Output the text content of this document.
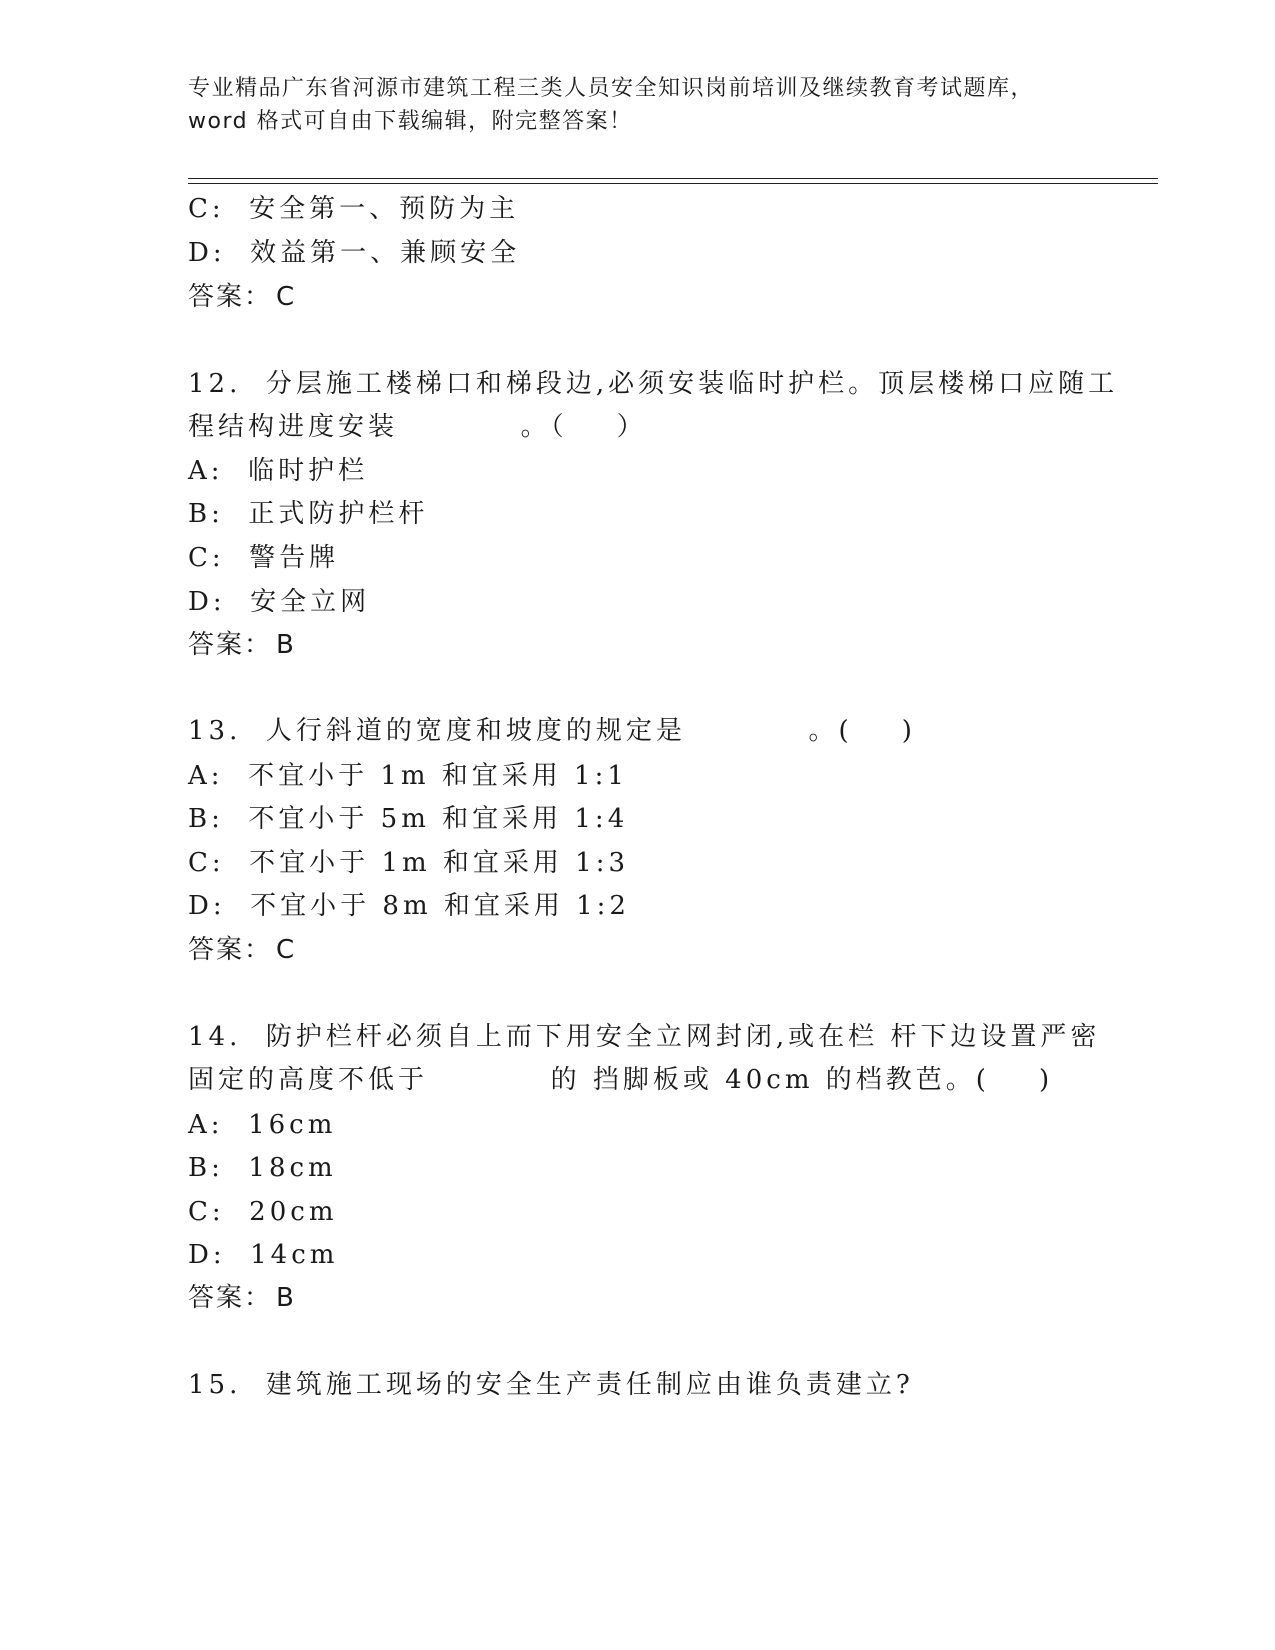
专业精品广东省河源市建筑工程三类人员安全知识岗前培训及继续教育考试题库，
word 格式可自由下载编辑，附完整答案！
C:  安全第一、预防为主
D:  效益第一、兼顾安全
答案： C
12.  分层施工楼梯口和梯段边,必须安装临时护栏。顶层楼梯口应随工
程结构进度安装          。（    ）
A:  临时护栏
B:  正式防护栏杆
C:  警告牌
D:  安全立网
答案： B
13.  人行斜道的宽度和坡度的规定是          。(    )
A:  不宜小于 1m 和宜采用 1:1
B:  不宜小于 5m 和宜采用 1:4
C:  不宜小于 1m 和宜采用 1:3
D:  不宜小于 8m 和宜采用 1:2
答案： C
14.  防护栏杆必须自上而下用安全立网封闭,或在栏 杆下边设置严密
固定的高度不低于          的 挡脚板或 40cm 的档教芭。(    )
A:  16cm
B:  18cm
C:  20cm
D:  14cm
答案： B
15.  建筑施工现场的安全生产责任制应由谁负责建立?
